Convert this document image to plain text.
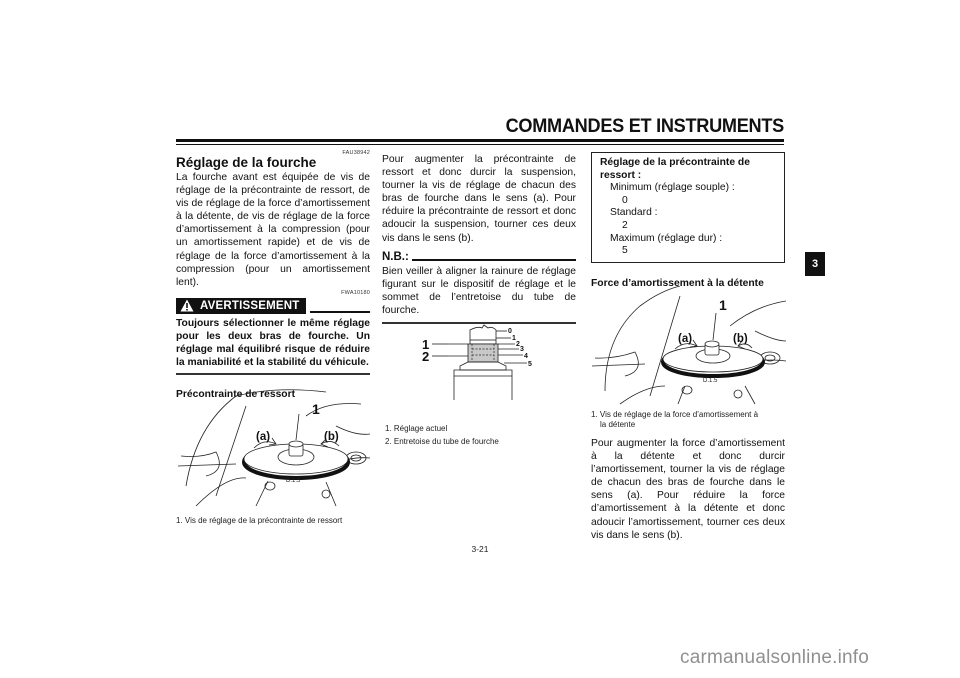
COMMANDES ET INSTRUMENTS
3
FAU38942
Réglage de la fourche
La fourche avant est équipée de vis de réglage de la précontrainte de ressort, de vis de réglage de la force d’amortissement à la détente, de vis de réglage de la force d’amortissement à la compression (pour un amortissement rapide) et de vis de réglage de la force d’amortissement à la compression (pour un amortissement lent).
FWA10180
AVERTISSEMENT
Toujours sélectionner le même réglage pour les deux bras de fourche. Un réglage mal équilibré risque de réduire la maniabilité et la stabilité du véhicule.
Précontrainte de ressort
D.1.5
1
(a)	(b)
1. Vis de réglage de la précontrainte de ressort
Pour augmenter la précontrainte de ressort et donc durcir la suspension, tourner la vis de réglage de chacun des bras de fourche dans le sens (a). Pour réduire la précontrainte de ressort et donc adoucir la suspension, tourner ces deux vis dans le sens (b).
N.B.:
Bien veiller à aligner la rainure de réglage figurant sur le dispositif de réglage et le sommet de l’entretoise du tube de fourche.
0
1
2
3
4
5
1
2
1. Réglage actuel
2. Entretoise du tube de fourche
Réglage de la précontrainte de ressort :
Minimum (réglage souple) :
0
Standard :
2
Maximum (réglage dur) :
5
Force d’amortissement à la détente
D.1.5
1
(a)	(b)
1. Vis de réglage de la force d’amortissement à
la détente
Pour augmenter la force d’amortissement à la détente et donc durcir l’amortissement, tourner la vis de réglage de chacun des bras de fourche dans le sens (a). Pour réduire la force d’amortissement à la détente et donc adoucir l’amortissement, tourner ces deux vis dans le sens (b).
3-21
carmanualsonline.info
